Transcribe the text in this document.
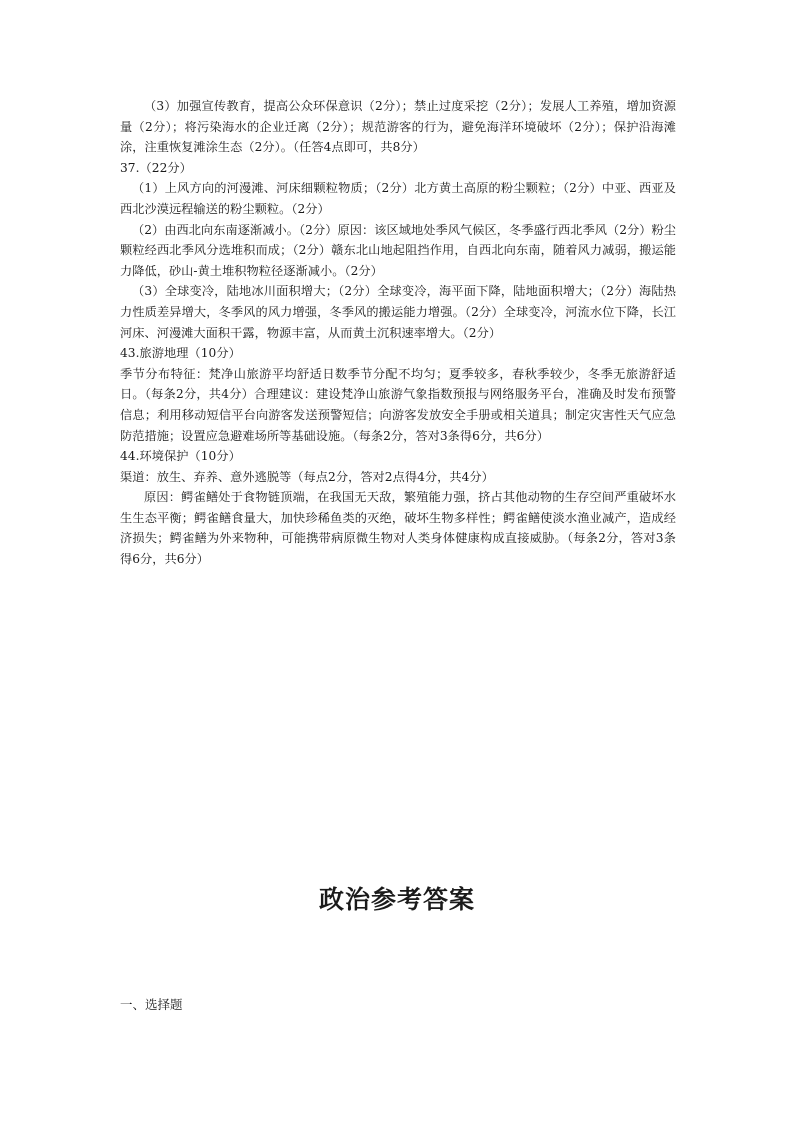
（3）加强宣传教育，提高公众环保意识（2分）；禁止过度采挖（2分）；发展人工养殖，增加资源量（2分）；将污染海水的企业迁离（2分）；规范游客的行为，避免海洋环境破坏（2分）；保护沿海滩涂，注重恢复滩涂生态（2分）。（任答4点即可，共8分）

37.（22分）

（1）上风方向的河漫滩、河床细颗粒物质；（2分）北方黄土高原的粉尘颗粒；（2分）中亚、西亚及西北沙漠远程输送的粉尘颗粒。（2分）

（2）由西北向东南逐渐减小。（2分）原因：该区域地处季风气候区，冬季盛行西北季风（2分）粉尘颗粒经西北季风分选堆积而成；（2分）赣东北山地起阻挡作用，自西北向东南，随着风力减弱，搬运能力降低，砂山-黄土堆积物粒径逐渐减小。（2分）

（3）全球变冷，陆地冰川面积增大；（2分）全球变冷，海平面下降，陆地面积增大；（2分）海陆热力性质差异增大，冬季风的风力增强，冬季风的搬运能力增强。（2分）全球变冷，河流水位下降，长江河床、河漫滩大面积干露，物源丰富，从而黄土沉积速率增大。（2分）

43.旅游地理（10分）

季节分布特征：梵净山旅游平均舒适日数季节分配不均匀；夏季较多，春秋季较少，冬季无旅游舒适日。（每条2分，共4分）合理建议：建设梵净山旅游气象指数预报与网络服务平台，准确及时发布预警信息；利用移动短信平台向游客发送预警短信；向游客发放安全手册或相关道具；制定灾害性天气应急防范措施；设置应急避难场所等基础设施。（每条2分，答对3条得6分，共6分）

44.环境保护（10分）

渠道：放生、弃养、意外逃脱等（每点2分，答对2点得4分，共4分）

原因：鳄雀鳝处于食物链顶端，在我国无天敌，繁殖能力强，挤占其他动物的生存空间严重破坏水生生态平衡；鳄雀鳝食量大，加快珍稀鱼类的灭绝，破坏生物多样性；鳄雀鳝使淡水渔业减产，造成经济损失；鳄雀鳝为外来物种，可能携带病原微生物对人类身体健康构成直接威胁。（每条2分，答对3条得6分，共6分）

政治参考答案
一、选择题
